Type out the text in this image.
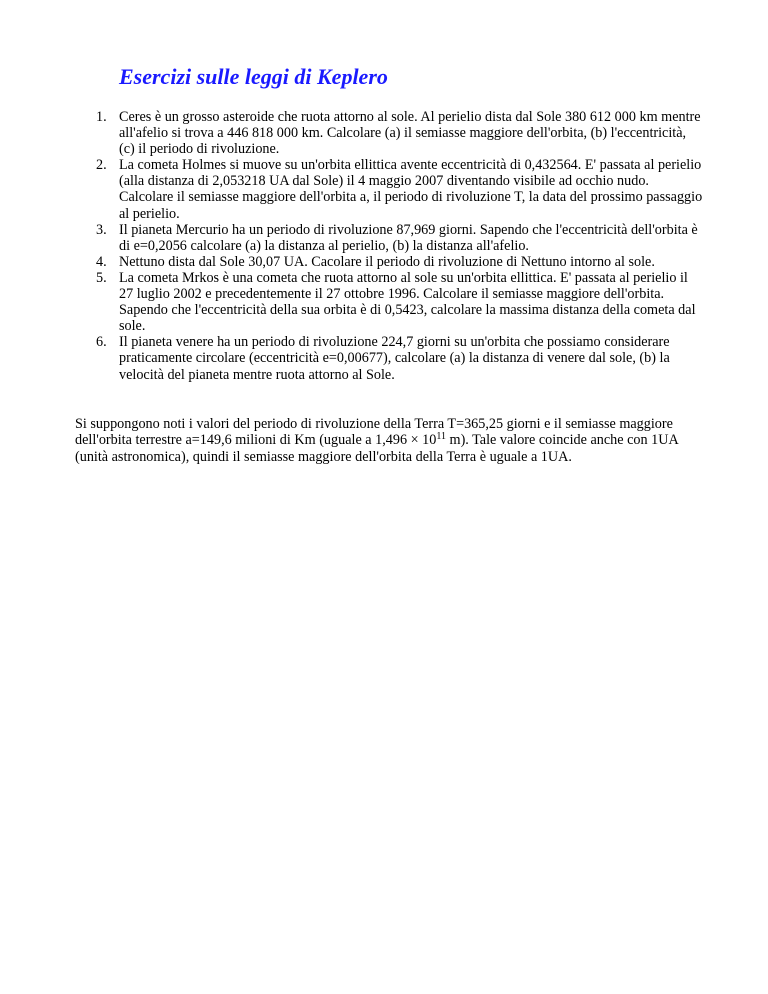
Esercizi sulle leggi di Keplero
1. Ceres è un grosso asteroide che ruota attorno al sole. Al perielio dista dal Sole 380 612 000 km mentre all'afelio si trova a 446 818 000 km. Calcolare (a) il semiasse maggiore dell'orbita, (b) l'eccentricità, (c) il periodo di rivoluzione.
2. La cometa Holmes si muove su un'orbita ellittica avente eccentricità di 0,432564. E' passata al perielio (alla distanza di 2,053218 UA dal Sole) il 4 maggio 2007 diventando visibile ad occhio nudo. Calcolare il semiasse maggiore dell'orbita a, il periodo di rivoluzione T, la data del prossimo passaggio al perielio.
3. Il pianeta Mercurio ha un periodo di rivoluzione 87,969 giorni. Sapendo che l'eccentricità dell'orbita è di e=0,2056 calcolare (a) la distanza al perielio, (b) la distanza all'afelio.
4. Nettuno dista dal Sole 30,07 UA. Cacolare il periodo di rivoluzione di Nettuno intorno al sole.
5. La cometa Mrkos è una cometa che ruota attorno al sole su un'orbita ellittica. E' passata al perielio il 27 luglio 2002 e precedentemente il 27 ottobre 1996. Calcolare il semiasse maggiore dell'orbita. Sapendo che l'eccentricità della sua orbita è di 0,5423, calcolare la massima distanza della cometa dal sole.
6. Il pianeta venere ha un periodo di rivoluzione 224,7 giorni su un'orbita che possiamo considerare praticamente circolare (eccentricità e=0,00677), calcolare (a) la distanza di venere dal sole, (b) la velocità del pianeta mentre ruota attorno al Sole.

Si suppongono noti i valori del periodo di rivoluzione della Terra T=365,25 giorni e il semiasse maggiore dell'orbita terrestre a=149,6 milioni di Km (uguale a $1,496 \times 10^{11}$ m). Tale valore coincide anche con 1UA (unità astronomica), quindi il semiasse maggiore dell'orbita della Terra è uguale a 1UA.
